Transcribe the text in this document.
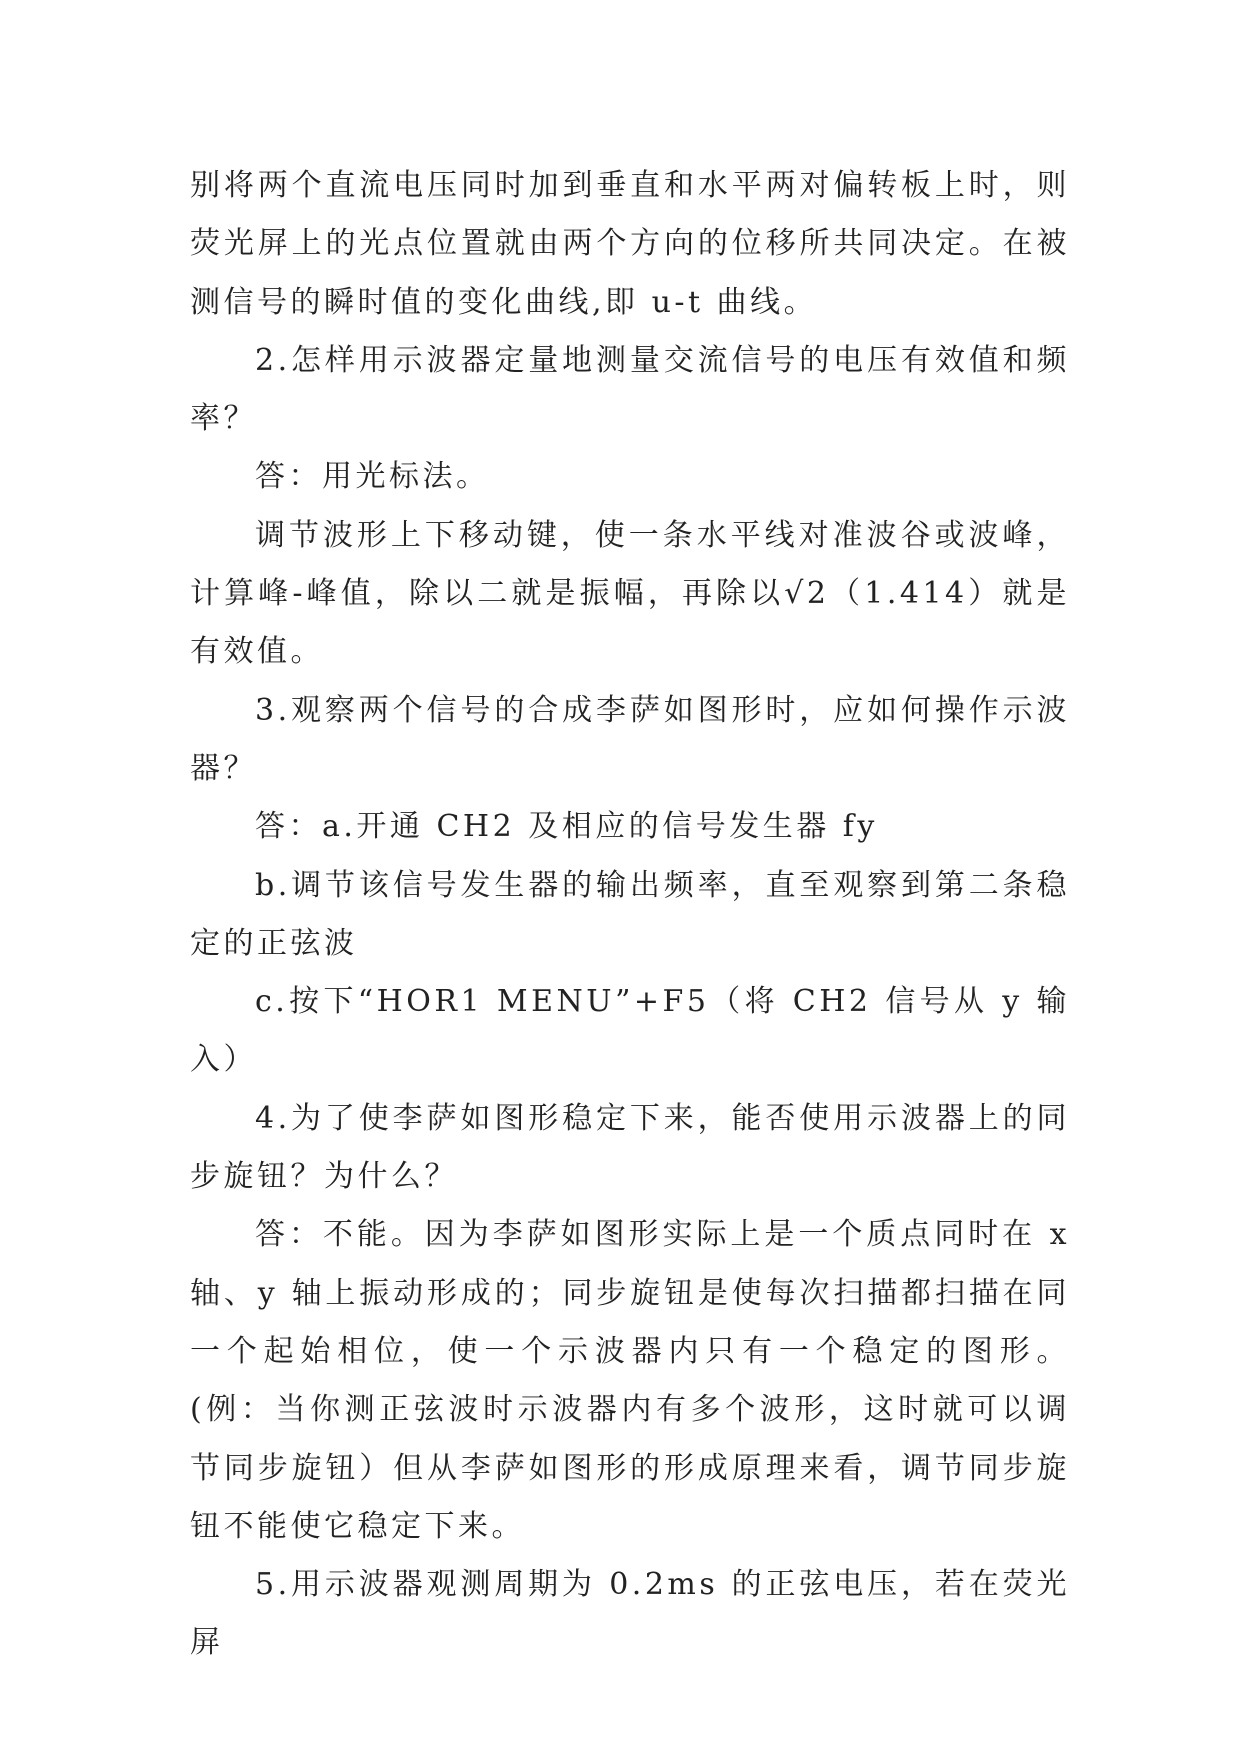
别将两个直流电压同时加到垂直和水平两对偏转板上时，则荧光屏上的光点位置就由两个方向的位移所共同决定。在被测信号的瞬时值的变化曲线,即 u-t 曲线。

2.怎样用示波器定量地测量交流信号的电压有效值和频率？

答：用光标法。

调节波形上下移动键，使一条水平线对准波谷或波峰，计算峰-峰值，除以二就是振幅，再除以√2（1.414）就是有效值。

3.观察两个信号的合成李萨如图形时，应如何操作示波器？

答：a.开通 CH2 及相应的信号发生器 fy

b.调节该信号发生器的输出频率，直至观察到第二条稳定的正弦波

c.按下“HOR1 MENU”+F5（将 CH2 信号从 y 输入）

4.为了使李萨如图形稳定下来，能否使用示波器上的同步旋钮？为什么？

答：不能。因为李萨如图形实际上是一个质点同时在 x 轴、y 轴上振动形成的；同步旋钮是使每次扫描都扫描在同一个起始相位，使一个示波器内只有一个稳定的图形。(例：当你测正弦波时示波器内有多个波形，这时就可以调节同步旋钮）但从李萨如图形的形成原理来看，调节同步旋钮不能使它稳定下来。

5.用示波器观测周期为 0.2ms 的正弦电压，若在荧光屏
